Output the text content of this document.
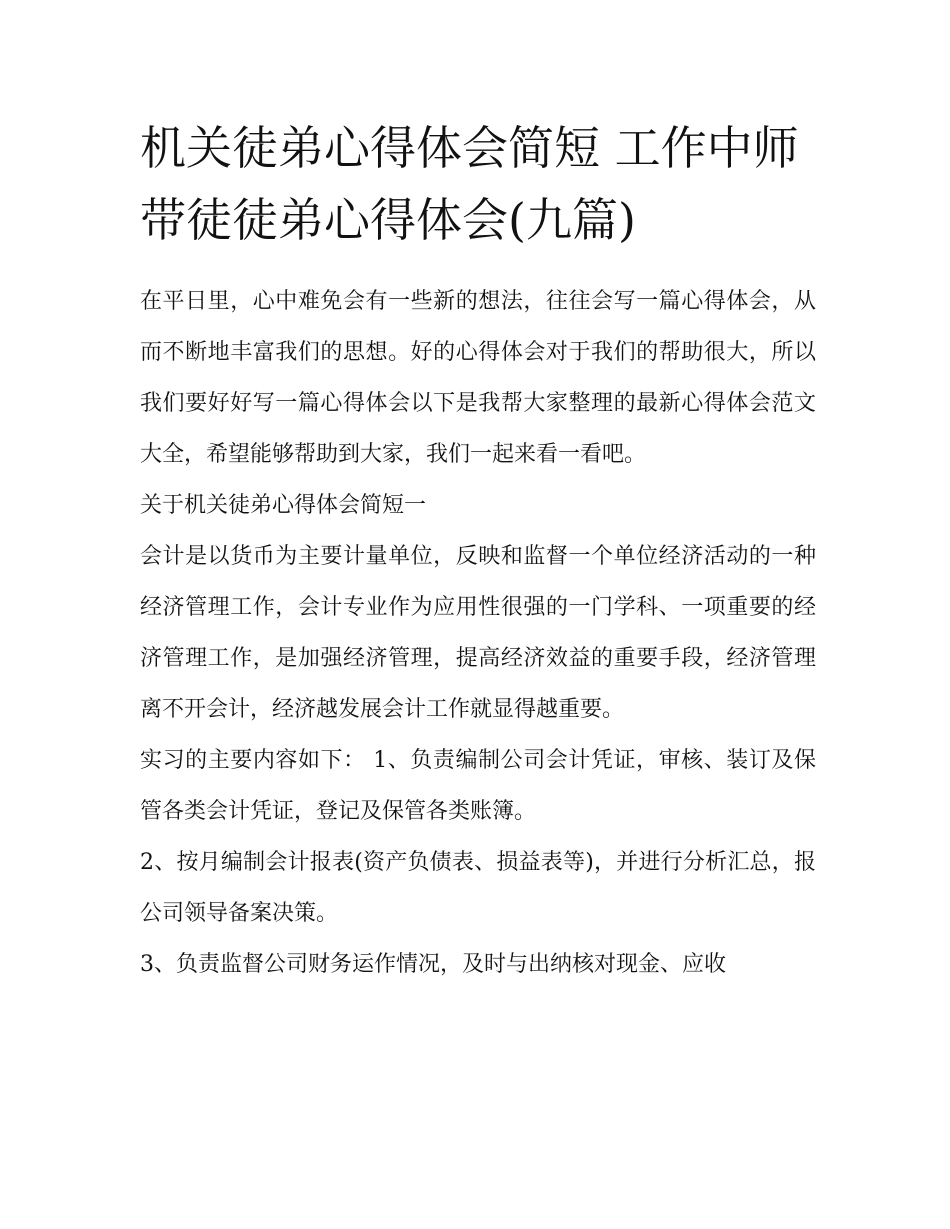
机关徒弟心得体会简短 工作中师带徒徒弟心得体会(九篇)

在平日里，心中难免会有一些新的想法，往往会写一篇心得体会，从而不断地丰富我们的思想。好的心得体会对于我们的帮助很大，所以我们要好好写一篇心得体会以下是我帮大家整理的最新心得体会范文大全，希望能够帮助到大家，我们一起来看一看吧。

关于机关徒弟心得体会简短一

会计是以货币为主要计量单位，反映和监督一个单位经济活动的一种经济管理工作，会计专业作为应用性很强的一门学科、一项重要的经济管理工作，是加强经济管理，提高经济效益的重要手段，经济管理离不开会计，经济越发展会计工作就显得越重要。

实习的主要内容如下： 1、负责编制公司会计凭证，审核、装订及保管各类会计凭证，登记及保管各类账簿。

2、按月编制会计报表(资产负债表、损益表等)，并进行分析汇总，报公司领导备案决策。

3、负责监督公司财务运作情况，及时与出纳核对现金、应收
